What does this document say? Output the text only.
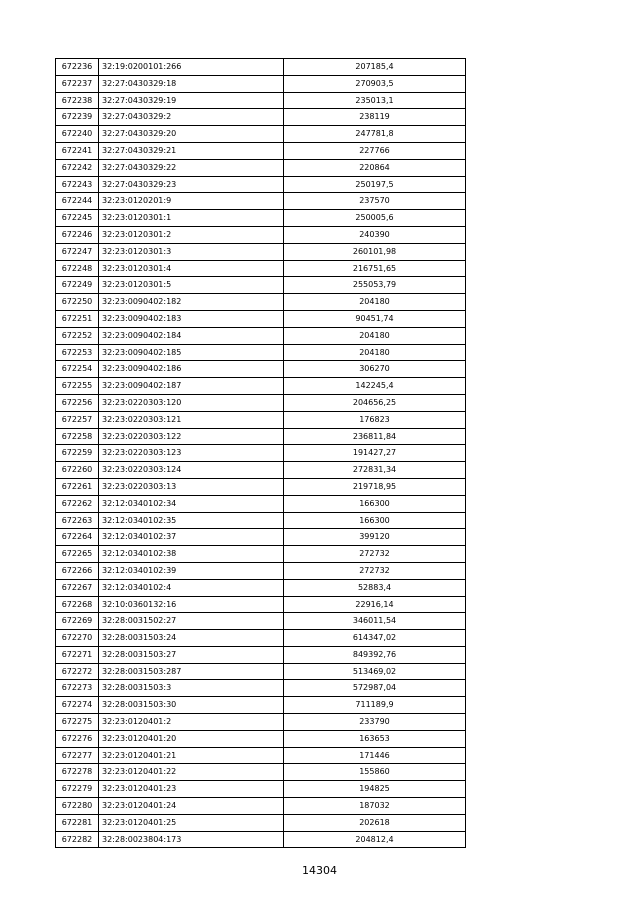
672236	32:19:0200101:266	207185,4
672237	32:27:0430329:18	270903,5
672238	32:27:0430329:19	235013,1
672239	32:27:0430329:2	238119
672240	32:27:0430329:20	247781,8
672241	32:27:0430329:21	227766
672242	32:27:0430329:22	220864
672243	32:27:0430329:23	250197,5
672244	32:23:0120201:9	237570
672245	32:23:0120301:1	250005,6
672246	32:23:0120301:2	240390
672247	32:23:0120301:3	260101,98
672248	32:23:0120301:4	216751,65
672249	32:23:0120301:5	255053,79
672250	32:23:0090402:182	204180
672251	32:23:0090402:183	90451,74
672252	32:23:0090402:184	204180
672253	32:23:0090402:185	204180
672254	32:23:0090402:186	306270
672255	32:23:0090402:187	142245,4
672256	32:23:0220303:120	204656,25
672257	32:23:0220303:121	176823
672258	32:23:0220303:122	236811,84
672259	32:23:0220303:123	191427,27
672260	32:23:0220303:124	272831,34
672261	32:23:0220303:13	219718,95
672262	32:12:0340102:34	166300
672263	32:12:0340102:35	166300
672264	32:12:0340102:37	399120
672265	32:12:0340102:38	272732
672266	32:12:0340102:39	272732
672267	32:12:0340102:4	52883,4
672268	32:10:0360132:16	22916,14
672269	32:28:0031502:27	346011,54
672270	32:28:0031503:24	614347,02
672271	32:28:0031503:27	849392,76
672272	32:28:0031503:287	513469,02
672273	32:28:0031503:3	572987,04
672274	32:28:0031503:30	711189,9
672275	32:23:0120401:2	233790
672276	32:23:0120401:20	163653
672277	32:23:0120401:21	171446
672278	32:23:0120401:22	155860
672279	32:23:0120401:23	194825
672280	32:23:0120401:24	187032
672281	32:23:0120401:25	202618
672282	32:28:0023804:173	204812,4
14304
